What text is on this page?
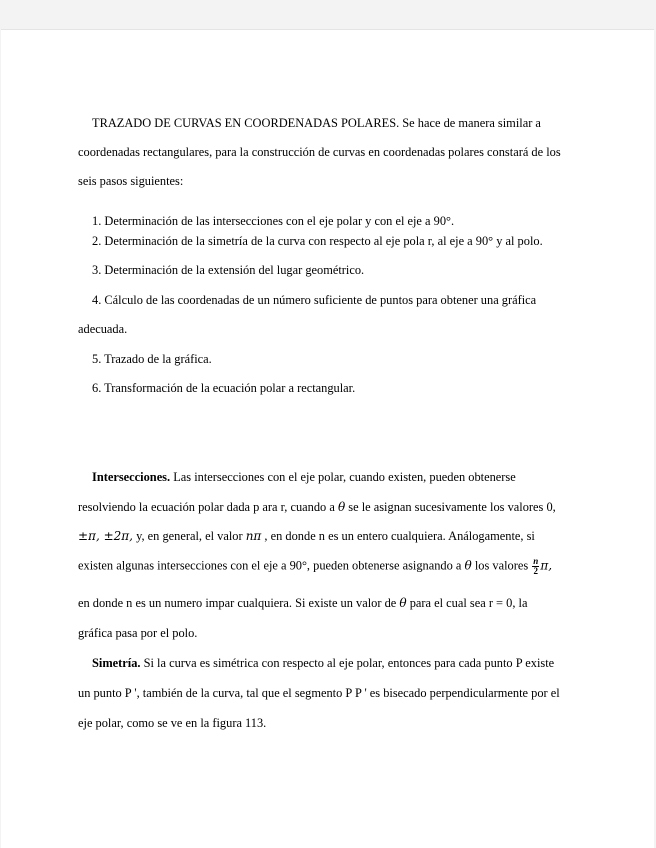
TRAZADO DE CURVAS EN COORDENADAS POLARES. Se hace de manera similar a
coordenadas rectangulares, para la construcción de curvas en coordenadas polares constará de los
seis pasos siguientes:
1. Determinación de las intersecciones con el eje polar y con el eje a 90°.
2. Determinación de la simetría de la curva con respecto al eje pola r, al eje a 90° y al polo.
3. Determinación de la extensión del lugar geométrico.
4. Cálculo de las coordenadas de un número suficiente de puntos para obtener una gráfica
adecuada.
5. Trazado de la gráfica.
6. Transformación de la ecuación polar a rectangular.
Intersecciones. Las intersecciones con el eje polar, cuando existen, pueden obtenerse
resolviendo la ecuación polar dada p ara r, cuando a θ se le asignan sucesivamente los valores 0,
±π, ±2π, y, en general, el valor nπ , en donde n es un entero cualquiera. Análogamente, si
existen algunas intersecciones con el eje a 90°, pueden obtenerse asignando a θ los valores $\frac{n}{2} \pi$,
en donde n es un numero impar cualquiera. Si existe un valor de θ para el cual sea r = 0, la
gráfica pasa por el polo.
Simetría. Si la curva es simétrica con respecto al eje polar, entonces para cada punto P existe
un punto P ', también de la curva, tal que el segmento P P ' es bisecado perpendicularmente por el
eje polar, como se ve en la figura 113.
